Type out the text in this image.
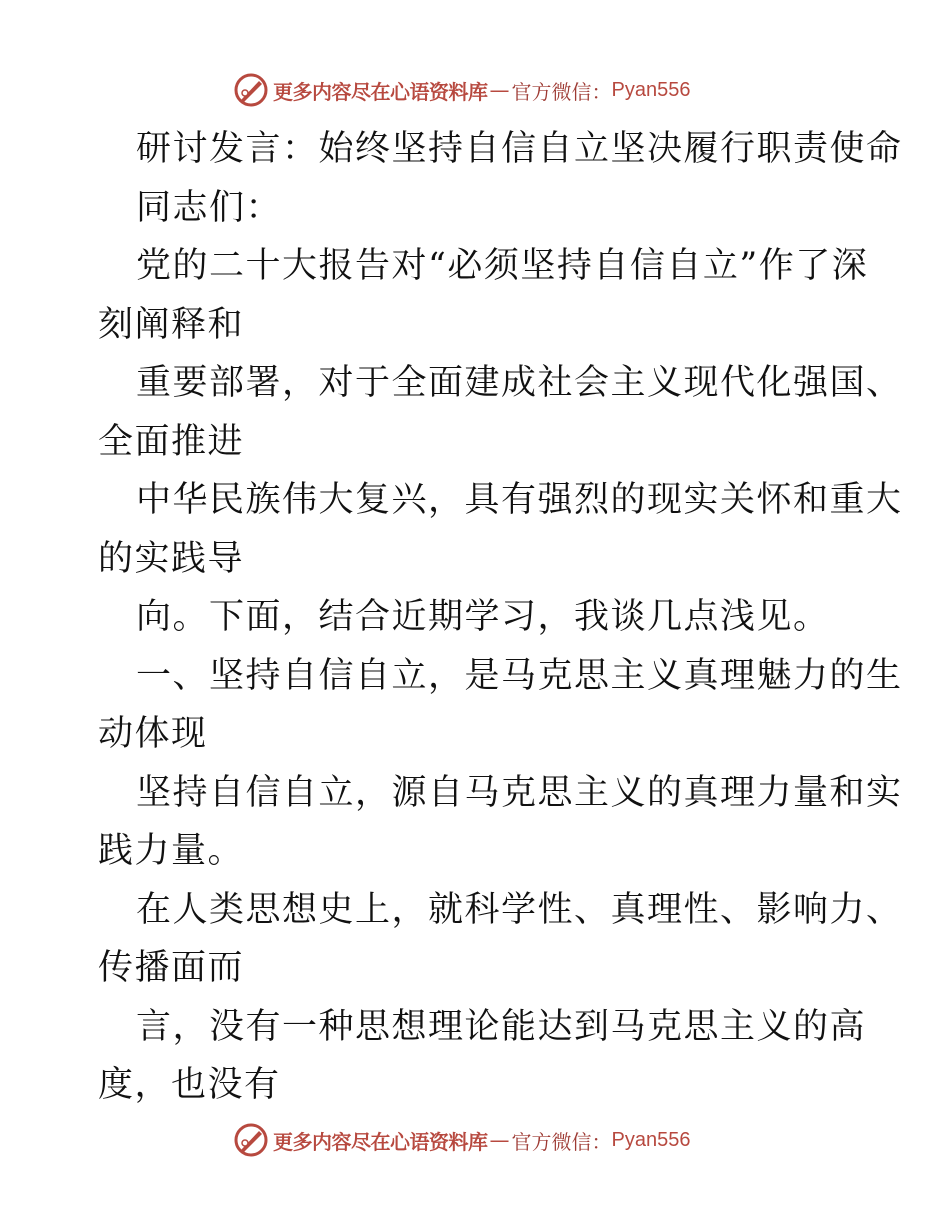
更多内容尽在心语资料库 — 官方微信： Pyan556
研讨发言：始终坚持自信自立坚决履行职责使命
同志们：
党的二十大报告对“必须坚持自信自立”作了深
刻阐释和
重要部署，对于全面建成社会主义现代化强国、
全面推进
中华民族伟大复兴，具有强烈的现实关怀和重大
的实践导
向。下面，结合近期学习，我谈几点浅见。
一、坚持自信自立，是马克思主义真理魅力的生
动体现
坚持自信自立，源自马克思主义的真理力量和实
践力量。
在人类思想史上，就科学性、真理性、影响力、
传播面而
言，没有一种思想理论能达到马克思主义的高
度，也没有
更多内容尽在心语资料库 — 官方微信： Pyan556
